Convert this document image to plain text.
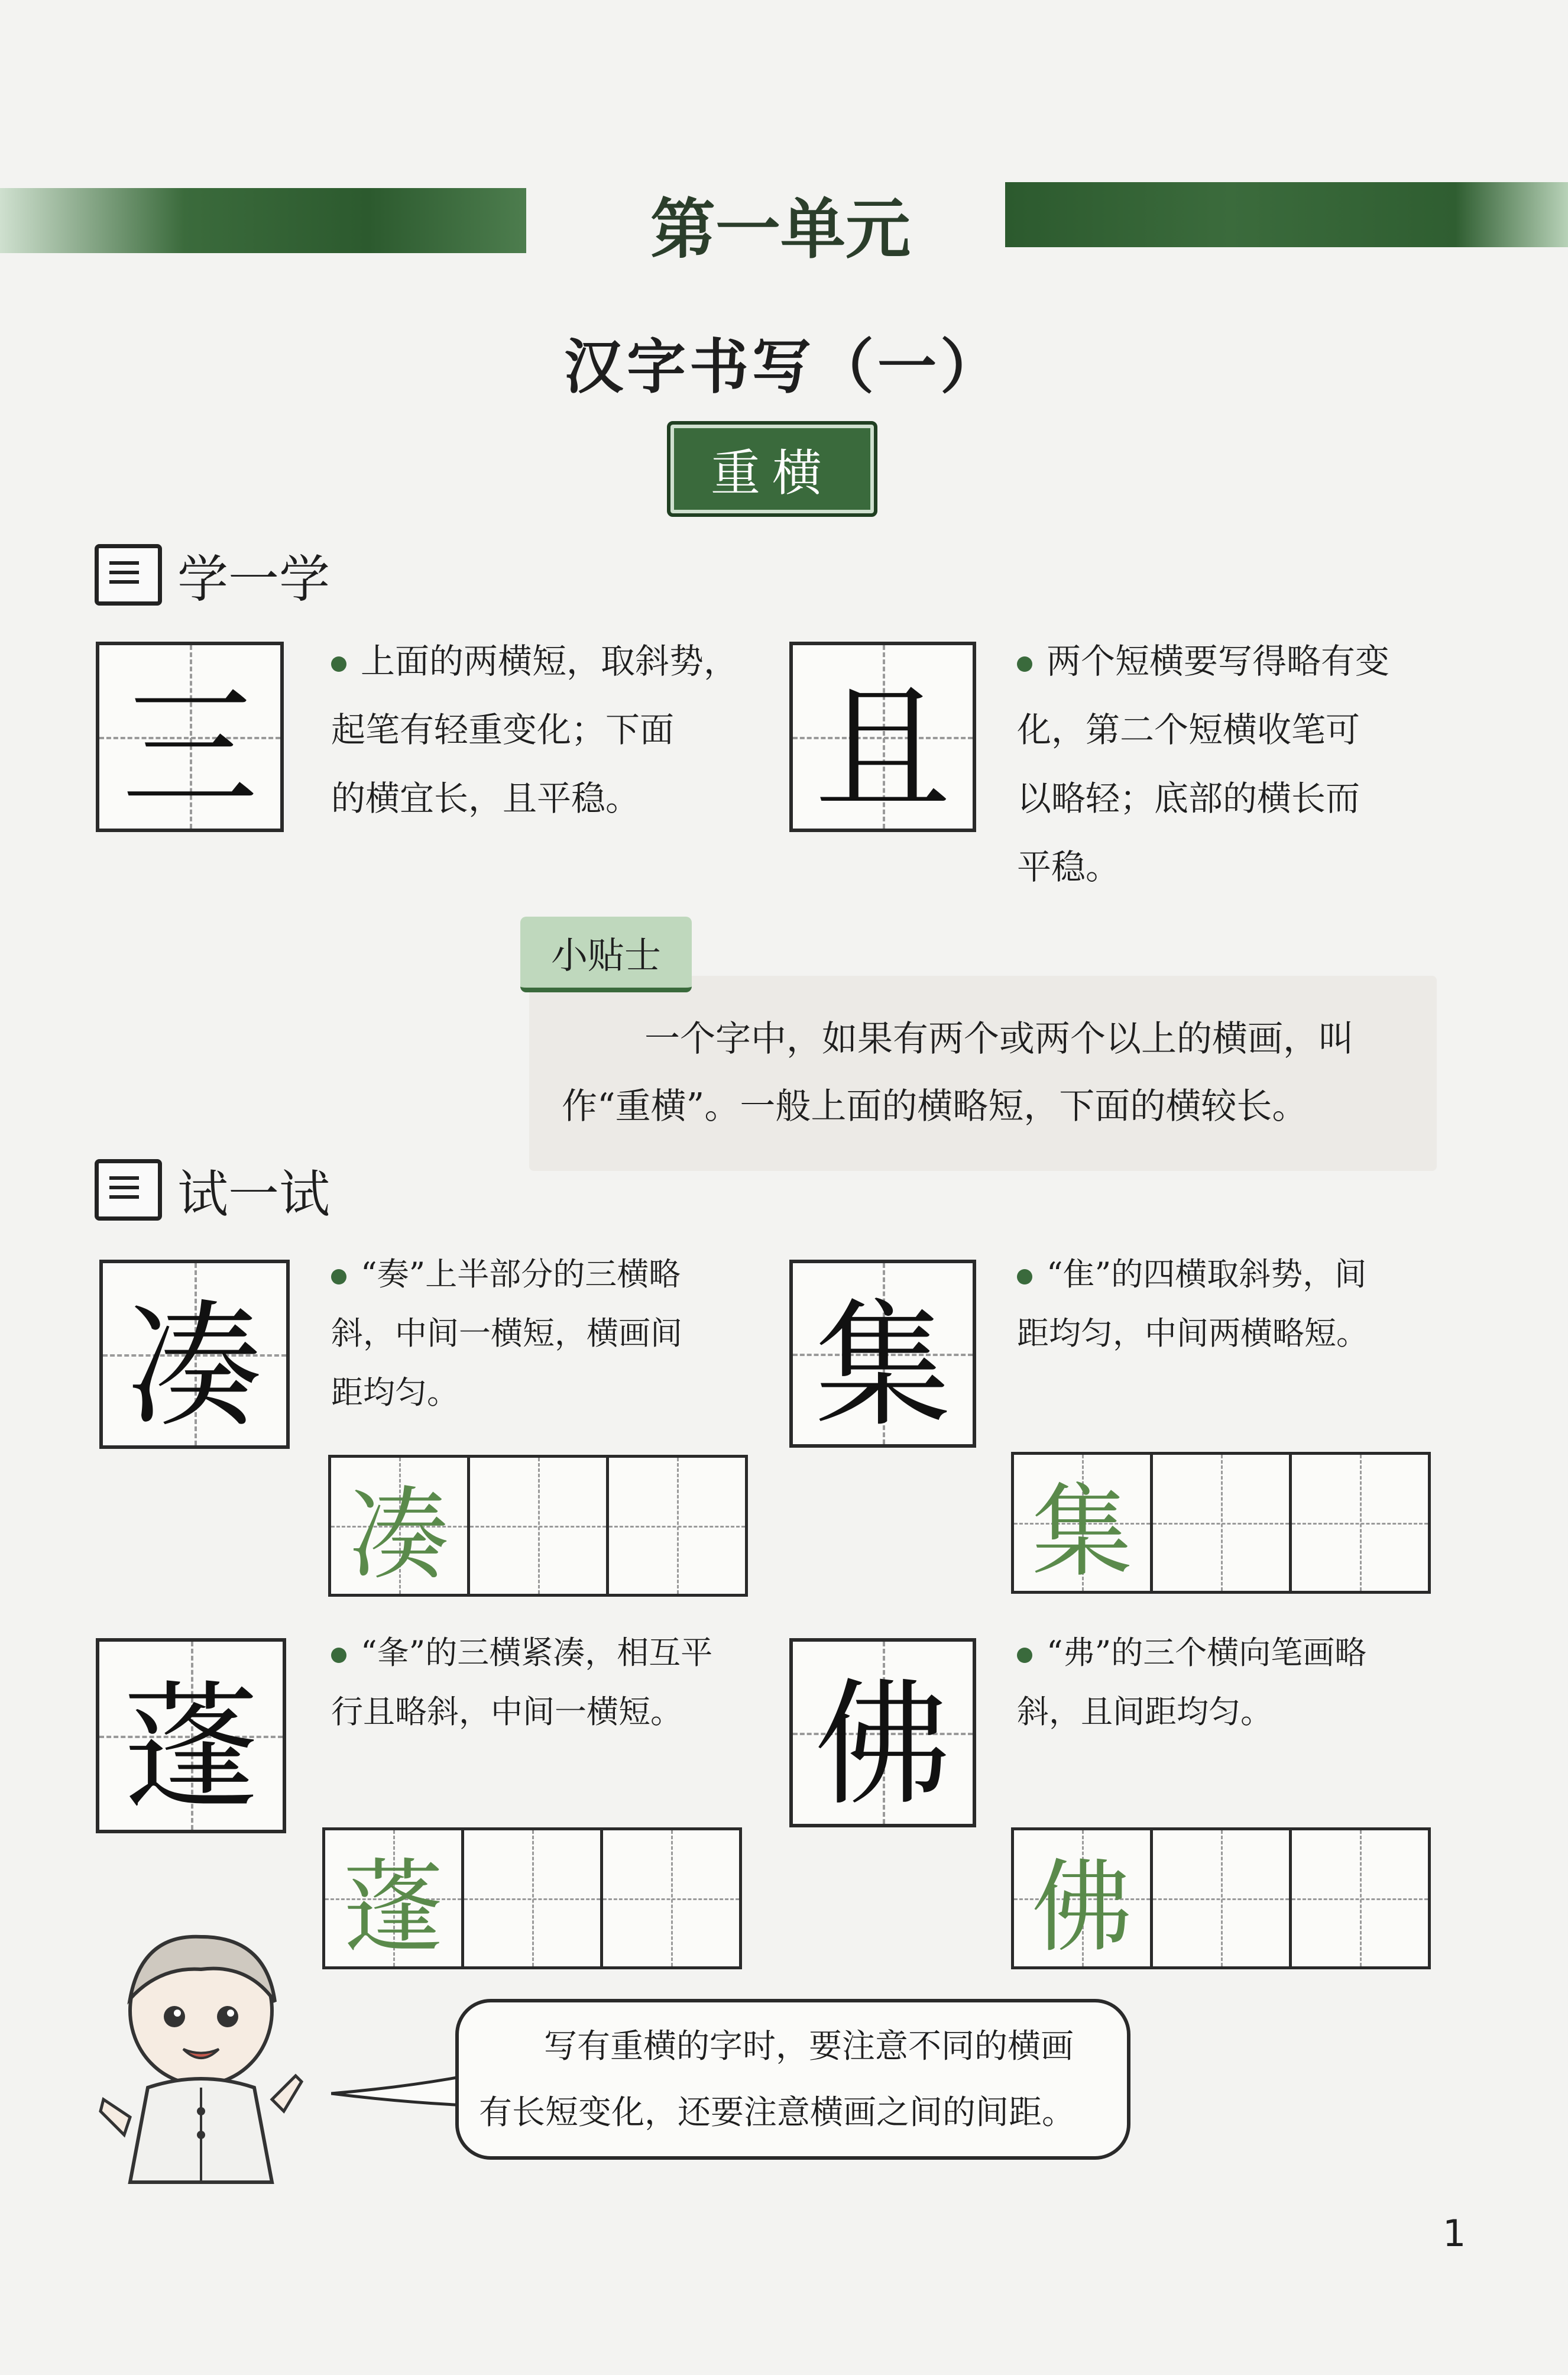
第一单元
汉字书写（一）
重横
学一学
三
上面的两横短，取斜势，
起笔有轻重变化；下面
的横宜长，且平稳。	且
两个短横要写得略有变
化，第二个短横收笔可
以略轻；底部的横长而
平稳。
小贴士
一个字中，如果有两个或两个以上的横画，叫
作“重横”。一般上面的横略短，下面的横较长。
试一试
凑
“奏”上半部分的三横略
斜，中间一横短，横画间
距均匀。
凑
集
“隹”的四横取斜势，间
距均匀，中间两横略短。
集
蓬
“夆”的三横紧凑，相互平
行且略斜，中间一横短。
蓬
佛
“弗”的三个横向笔画略
斜，且间距均匀。
佛
写有重横的字时，要注意不同的横画
有长短变化，还要注意横画之间的间距。
1
